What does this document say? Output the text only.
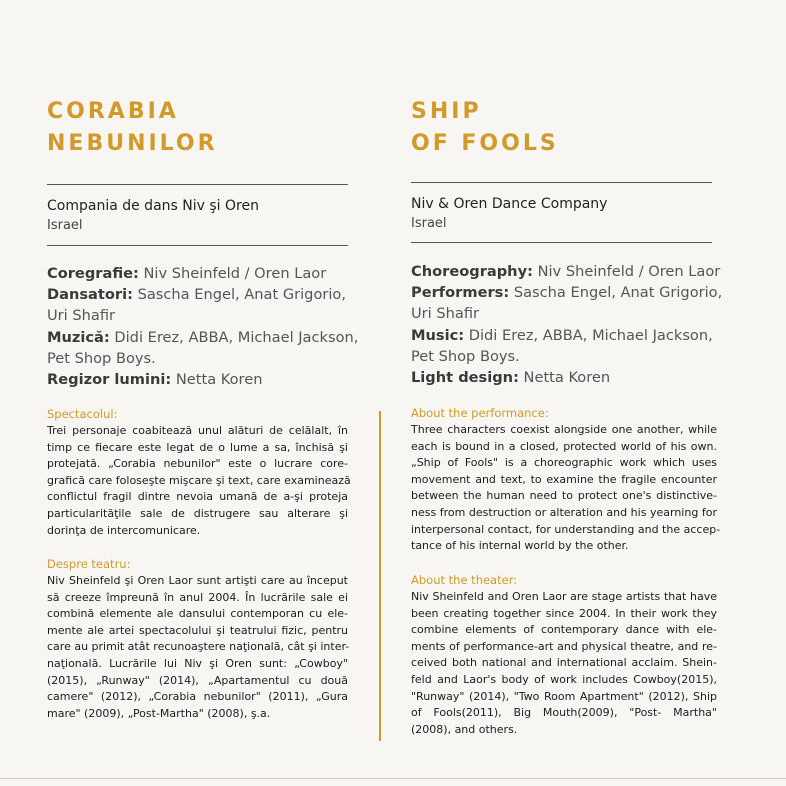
CORABIA
NEBUNILOR
Compania de dans Niv şi Oren
Israel
Coregrafie: Niv Sheinfeld / Oren Laor
Dansatori: Sascha Engel, Anat Grigorio,
Uri Shafir
Muzică: Didi Erez, ABBA, Michael Jackson,
Pet Shop Boys.
Regizor lumini: Netta Koren
Spectacolul:
Trei personaje coabitează unul alături de celălalt, în
timp ce fiecare este legat de o lume a sa, închisă şi
protejată. „Corabia nebunilor" este o lucrare core-
grafică care foloseşte mişcare şi text, care examinează
conflictul fragil dintre nevoia umană de a-şi proteja
particularităţile sale de distrugere sau alterare şi
dorinţa de intercomunicare.
Despre teatru:
Niv Sheinfeld şi Oren Laor sunt artişti care au început
să creeze împreună în anul 2004. În lucrările sale ei
combină elemente ale dansului contemporan cu ele-
mente ale artei spectacolului şi teatrului fizic, pentru
care au primit atât recunoaştere naţională, cât şi inter-
naţională. Lucrările lui Niv şi Oren sunt: „Cowboy"
(2015), „Runway" (2014), „Apartamentul cu două
camere" (2012), „Corabia nebunilor" (2011), „Gura
mare" (2009), „Post-Martha" (2008), ş.a.
SHIP
OF FOOLS
Niv & Oren Dance Company
Israel
Choreography: Niv Sheinfeld / Oren Laor
Performers: Sascha Engel, Anat Grigorio,
Uri Shafir
Music: Didi Erez, ABBA, Michael Jackson,
Pet Shop Boys.
Light design: Netta Koren
About the performance:
Three characters coexist alongside one another, while
each is bound in a closed, protected world of his own.
„Ship of Fools" is a choreographic work which uses
movement and text, to examine the fragile encounter
between the human need to protect one's distinctive-
ness from destruction or alteration and his yearning for
interpersonal contact, for understanding and the accep-
tance of his internal world by the other.
About the theater:
Niv Sheinfeld and Oren Laor are stage artists that have
been creating together since 2004. In their work they
combine elements of contemporary dance with ele-
ments of performance-art and physical theatre, and re-
ceived both national and international acclaim. Shein-
feld and Laor's body of work includes Cowboy(2015),
"Runway" (2014), "Two Room Apartment" (2012), Ship
of Fools(2011), Big Mouth(2009), "Post- Martha"
(2008), and others.
